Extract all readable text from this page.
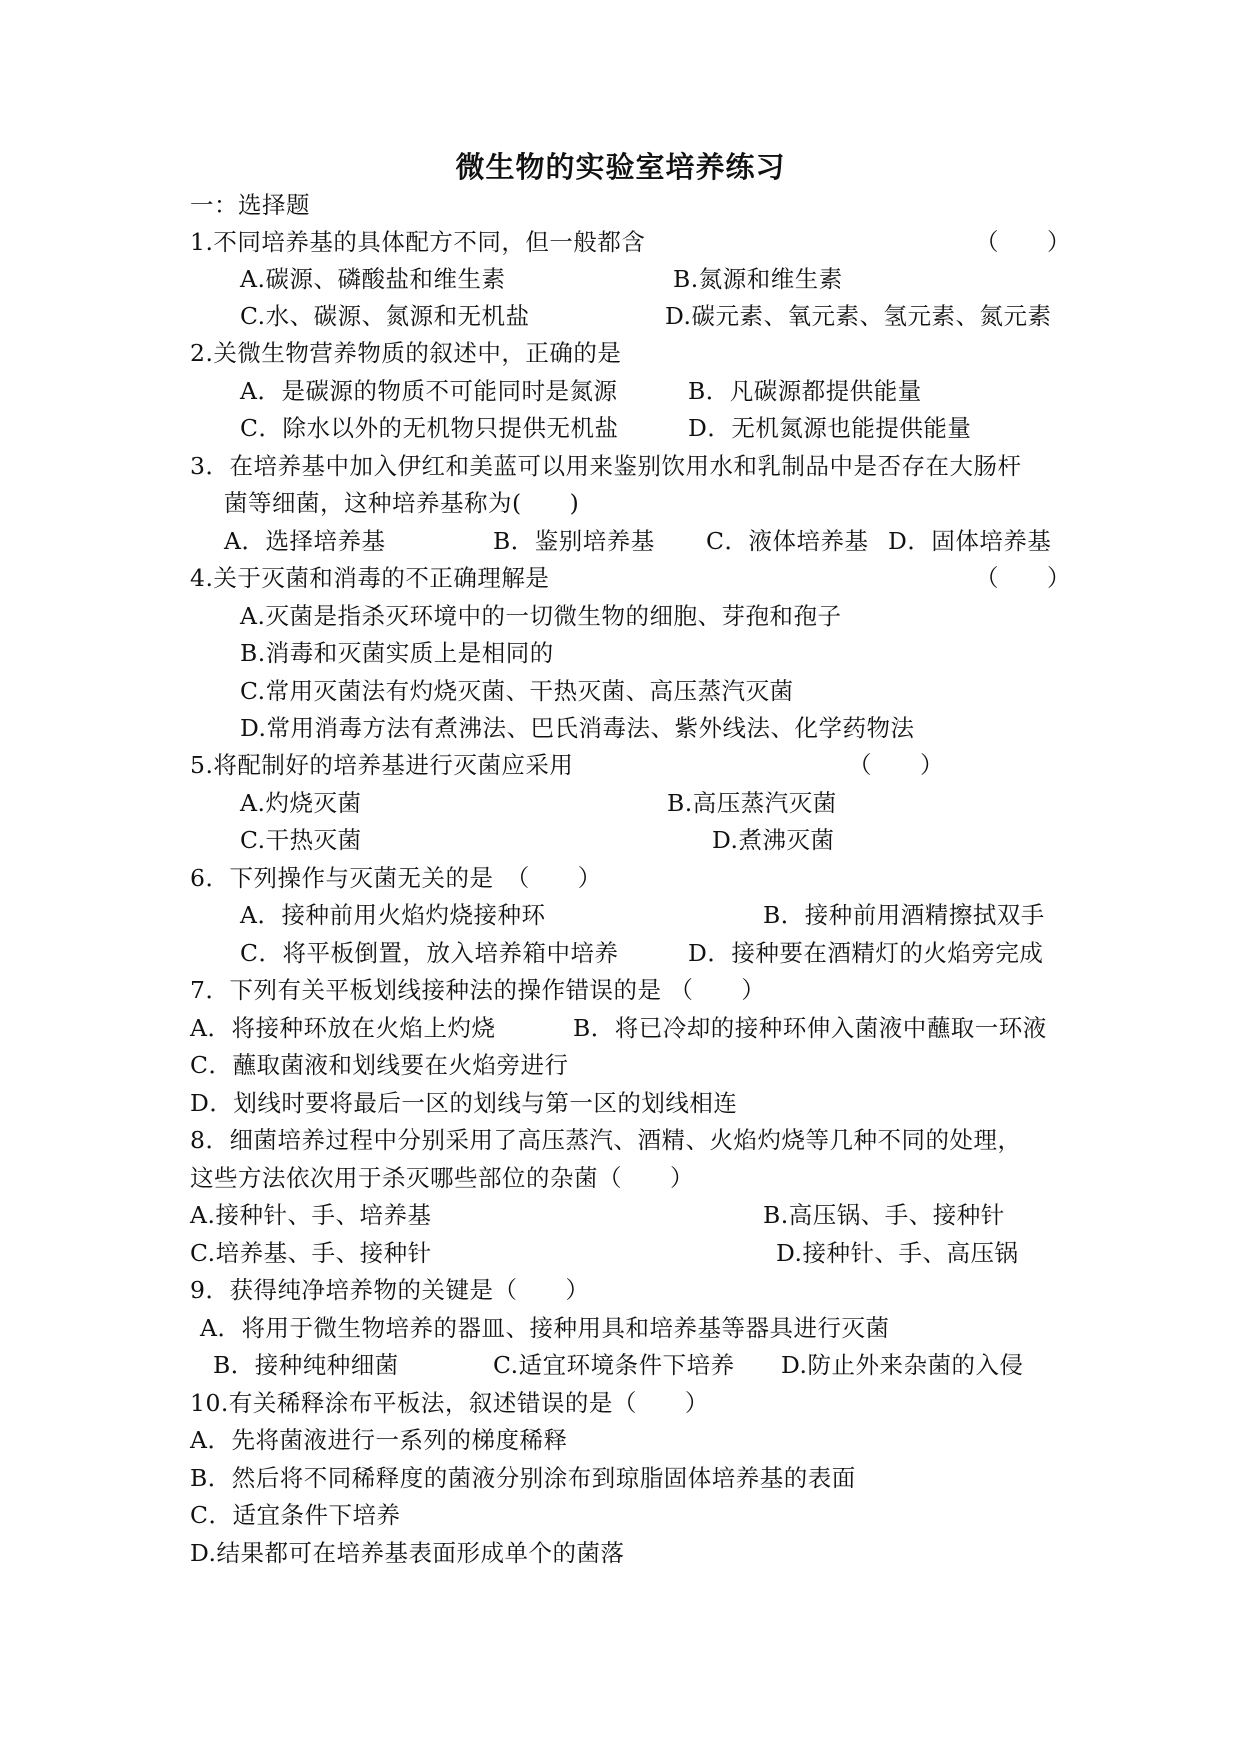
微生物的实验室培养练习
一：选择题
1.不同培养基的具体配方不同，但一般都含	（　　）
A.碳源、磷酸盐和维生素	B.氮源和维生素
C.水、碳源、氮源和无机盐	D.碳元素、氧元素、氢元素、氮元素
2.关微生物营养物质的叙述中，正确的是
A．是碳源的物质不可能同时是氮源	B．凡碳源都提供能量
C．除水以外的无机物只提供无机盐	D．无机氮源也能提供能量
3．在培养基中加入伊红和美蓝可以用来鉴别饮用水和乳制品中是否存在大肠杆
菌等细菌，这种培养基称为(　　)
A．选择培养基	B．鉴别培养基 C．液体培养基 D．固体培养基
4.关于灭菌和消毒的不正确理解是	（　　）
A.灭菌是指杀灭环境中的一切微生物的细胞、芽孢和孢子
B.消毒和灭菌实质上是相同的
C.常用灭菌法有灼烧灭菌、干热灭菌、高压蒸汽灭菌
D.常用消毒方法有煮沸法、巴氏消毒法、紫外线法、化学药物法
5.将配制好的培养基进行灭菌应采用	（　　）
A.灼烧灭菌	B.高压蒸汽灭菌
C.干热灭菌	D.煮沸灭菌
6．下列操作与灭菌无关的是　（　　）
A．接种前用火焰灼烧接种环	B．接种前用酒精擦拭双手
C．将平板倒置，放入培养箱中培养	D．接种要在酒精灯的火焰旁完成
7．下列有关平板划线接种法的操作错误的是 （　　）
A．将接种环放在火焰上灼烧	B．将已冷却的接种环伸入菌液中蘸取一环液
C．蘸取菌液和划线要在火焰旁进行
D．划线时要将最后一区的划线与第一区的划线相连
8．细菌培养过程中分别采用了高压蒸汽、酒精、火焰灼烧等几种不同的处理，
这些方法依次用于杀灭哪些部位的杂菌（　　）
A.接种针、手、培养基	B.高压锅、手、接种针
C.培养基、手、接种针	D.接种针、手、高压锅
9．获得纯净培养物的关键是（　　）
A．将用于微生物培养的器皿、接种用具和培养基等器具进行灭菌
B．接种纯种细菌	C.适宜环境条件下培养 D.防止外来杂菌的入侵
10.有关稀释涂布平板法，叙述错误的是（　　）
A．先将菌液进行一系列的梯度稀释
B．然后将不同稀释度的菌液分别涂布到琼脂固体培养基的表面
C．适宜条件下培养
D.结果都可在培养基表面形成单个的菌落
